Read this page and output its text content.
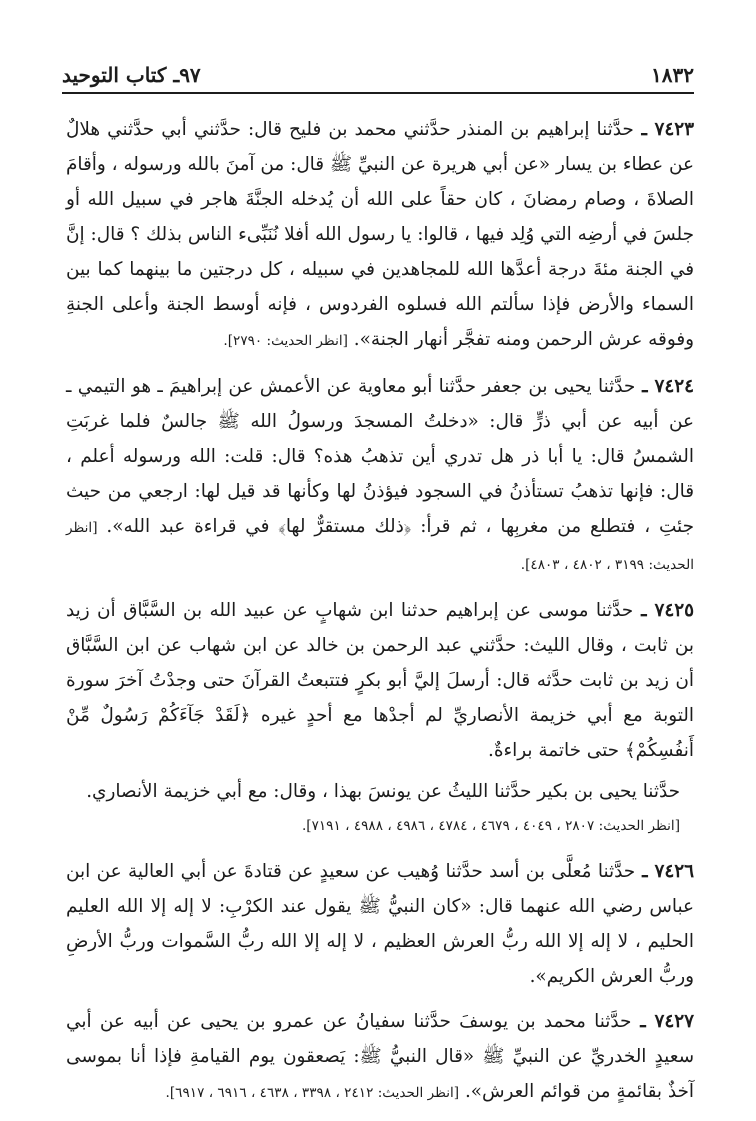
١٨٣٢
٩٧ـ كتاب التوحيد

٧٤٢٣ ـ حدَّثنا إبراهيم بن المنذر حدَّثني محمد بن فليح قال: حدَّثني أبي حدَّثني هلالٌ عن عطاء بن يسار «عن أبي هريرة عن النبيِّ ﷺ قال: من آمنَ بالله ورسوله ، وأقامَ الصلاةَ ، وصام رمضانَ ، كان حقاً على الله أن يُدخله الجنَّةَ هاجر في سبيل الله أو جلسَ في أرضِه التي وُلِد فيها ، قالوا: يا رسول الله أفلا نُنَبِّىء الناس بذلك ؟ قال: إنَّ في الجنة مئةَ درجة أعدَّها الله للمجاهدين في سبيله ، كل درجتين ما بينهما كما بين السماء والأرض فإذا سألتم الله فسلوه الفردوس ، فإنه أوسط الجنة وأعلى الجنةِ وفوقه عرش الرحمن ومنه تفجَّر أنهار الجنة». [انظر الحديث: ٢٧٩٠].

٧٤٢٤ ـ حدَّثنا يحيى بن جعفر حدَّثنا أبو معاوية عن الأعمش عن إبراهيمَ ـ هو التيمي ـ عن أبيه عن أبي ذرٍّ قال: «دخلتُ المسجدَ ورسولُ الله ﷺ جالسٌ فلما غربَتِ الشمسُ قال: يا أبا ذر هل تدري أين تذهبُ هذه؟ قال: قلت: الله ورسوله أعلم ، قال: فإنها تذهبُ تستأذنُ في السجود فيؤذنُ لها وكأنها قد قيل لها: ارجعي من حيث جئتِ ، فتطلع من مغربِها ، ثم قرأ: ﴿ذلك مستقرٌّ لها﴾ في قراءة عبد الله». [انظر الحديث: ٣١٩٩ ، ٤٨٠٢ ، ٤٨٠٣].

٧٤٢٥ ـ حدَّثنا موسى عن إبراهيم حدثنا ابن شهابٍ عن عبيد الله بن السَّبَّاق أن زيد بن ثابت ، وقال الليث: حدَّثني عبد الرحمن بن خالد عن ابن شهاب عن ابن السَّبَّاق أن زيد بن ثابت حدَّثه قال: أرسلَ إليَّ أبو بكرٍ فتتبعتُ القرآنَ حتى وجدْتُ آخرَ سورة التوبة مع أبي خزيمة الأنصاريِّ لم أجدْها مع أحدٍ غيره ﴿لَقَدْ جَآءَكُمْ رَسُولٌ مِّنْ أَنفُسِكُمْ﴾ حتى خاتمة براءةٌ.

حدَّثنا يحيى بن بكير حدَّثنا الليثُ عن يونسَ بهذا ، وقال: مع أبي خزيمة الأنصاري.

[انظر الحديث: ٢٨٠٧ ، ٤٠٤٩ ، ٤٦٧٩ ، ٤٧٨٤ ، ٤٩٨٦ ، ٤٩٨٨ ، ٧١٩١].

٧٤٢٦ ـ حدَّثنا مُعلَّى بن أسد حدَّثنا وُهيب عن سعيدٍ عن قتادةَ عن أبي العالية عن ابن عباس رضي الله عنهما قال: «كان النبيُّ ﷺ يقول عند الكرْبِ: لا إله إلا الله العليم الحليم ، لا إله إلا الله ربُّ العرش العظيم ، لا إله إلا الله ربُّ السَّموات وربُّ الأرضِ وربُّ العرش الكريم».

٧٤٢٧ ـ حدَّثنا محمد بن يوسفَ حدَّثنا سفيانُ عن عمرو بن يحيى عن أبيه عن أبي سعيدٍ الخدريِّ عن النبيِّ ﷺ «قال النبيُّ ﷺ: يَصعقون يوم القيامةِ فإذا أنا بموسى آخذٌ بقائمةٍ من قوائم العرش». [انظر الحديث: ٢٤١٢ ، ٣٣٩٨ ، ٤٦٣٨ ، ٦٩١٦ ، ٦٩١٧].
